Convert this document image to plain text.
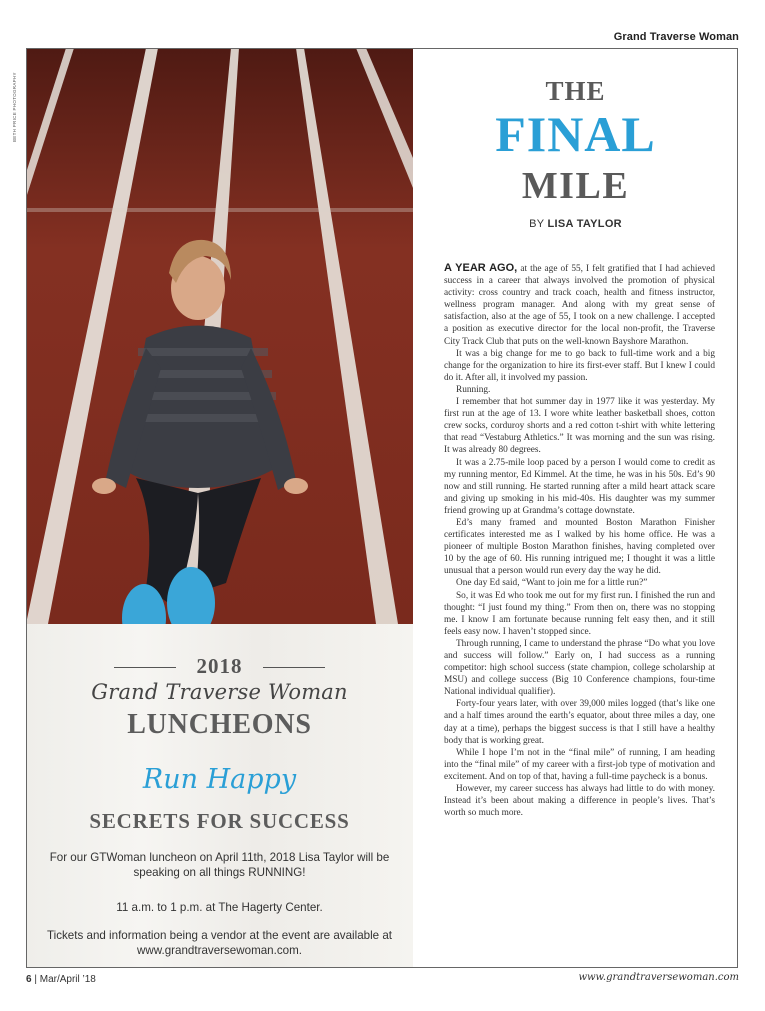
Grand Traverse Woman
BETH PRICE PHOTOGRAPHY
2018
Grand Traverse Woman
LUNCHEONS
Run Happy
SECRETS FOR SUCCESS
For our GTWoman luncheon on April 11th, 2018 Lisa Taylor will be speaking on all things RUNNING!
11 a.m. to 1 p.m. at The Hagerty Center.
Tickets and information being a vendor at the event are available at www.grandtraversewoman.com.
THE
FINAL
MILE
BY LISA TAYLOR

A YEAR AGO, at the age of 55, I felt gratified that I had achieved success in a career that always involved the promotion of physical activity: cross country and track coach, health and fitness instructor, wellness program manager. And along with my great sense of satisfaction, also at the age of 55, I took on a new challenge. I accepted a position as executive director for the local non-profit, the Traverse City Track Club that puts on the well-known Bayshore Marathon.

It was a big change for me to go back to full-time work and a big change for the organization to hire its first-ever staff. But I knew I could do it. After all, it involved my passion.

Running.

I remember that hot summer day in 1977 like it was yesterday. My first run at the age of 13. I wore white leather basketball shoes, cotton crew socks, corduroy shorts and a red cotton t-shirt with white lettering that read “Vestaburg Athletics.” It was morning and the sun was rising. It was already 80 degrees.

It was a 2.75-mile loop paced by a person I would come to credit as my running mentor, Ed Kimmel. At the time, he was in his 50s. Ed’s 90 now and still running. He started running after a mild heart attack scare and giving up smoking in his mid-40s. His daughter was my summer friend growing up at Grandma’s cottage downstate.

Ed’s many framed and mounted Boston Marathon Finisher certificates interested me as I walked by his home office. He was a pioneer of multiple Boston Marathon finishes, having completed over 10 by the age of 60. His running intrigued me; I thought it was a little unusual that a person would run every day the way he did.

One day Ed said, “Want to join me for a little run?”

So, it was Ed who took me out for my first run. I finished the run and thought: “I just found my thing.” From then on, there was no stopping me. I know I am fortunate because running felt easy then, and it still feels easy now. I haven’t stopped since.

Through running, I came to understand the phrase “Do what you love and success will follow.” Early on, I had success as a running competitor: high school success (state champion, college scholarship at MSU) and college success (Big 10 Conference champions, four-time National individual qualifier).

Forty-four years later, with over 39,000 miles logged (that’s like one and a half times around the earth’s equator, about three miles a day, one day at a time), perhaps the biggest success is that I still have a healthy body that is working great.

While I hope I’m not in the “final mile” of running, I am heading into the “final mile” of my career with a first-job type of motivation and excitement. And on top of that, having a full-time paycheck is a bonus.

However, my career success has always had little to do with money. Instead it’s been about making a difference in people’s lives. That’s worth so much more.

6 | Mar/April ’18	www.grandtraversewoman.com
